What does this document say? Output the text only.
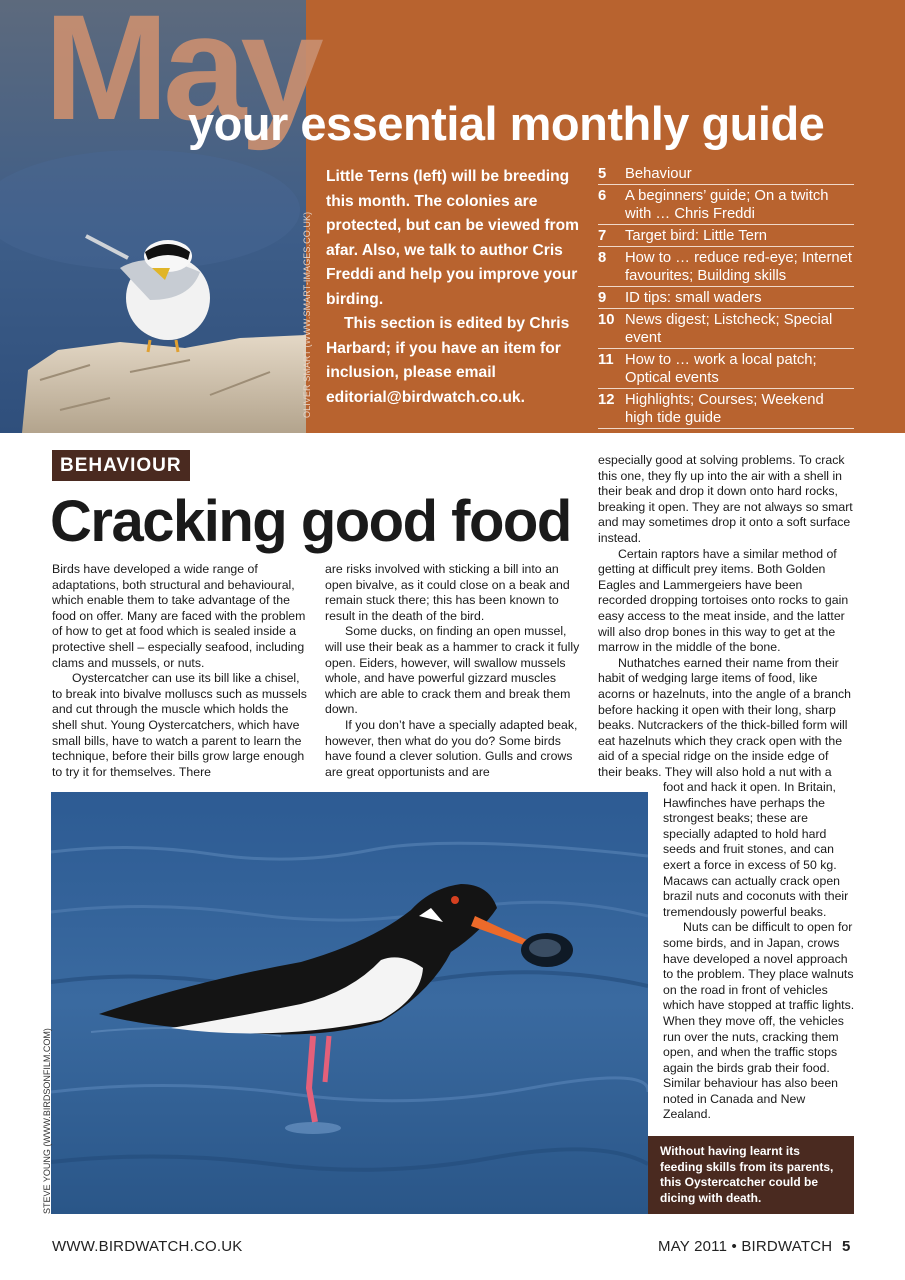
May
your essential monthly guide
OLIVER SMART (WWW.SMART-IMAGES.CO.UK)

Little Terns (left) will be breeding this month. The colonies are protected, but can be viewed from afar. Also, we talk to author Cris Freddi and help you improve your birding.

This section is edited by Chris Harbard; if you have an item for inclusion, please email editorial@birdwatch.co.uk.

5	Behaviour
6	A beginners’ guide; On a twitch with … Chris Freddi
7	Target bird: Little Tern
8	How to … reduce red-eye; Internet favourites; Building skills
9	ID tips: small waders
10 News digest; Listcheck; Special event
11 How to … work a local patch; Optical events
12 Highlights; Courses; Weekend high tide guide
BEHAVIOUR
Cracking good food

Birds have developed a wide range of adaptations, both structural and behavioural, which enable them to take advantage of the food on offer. Many are faced with the problem of how to get at food which is sealed inside a protective shell – especially seafood, including clams and mussels, or nuts.

Oystercatcher can use its bill like a chisel, to break into bivalve molluscs such as mussels and cut through the muscle which holds the shell shut. Young Oystercatchers, which have small bills, have to watch a parent to learn the technique, before their bills grow large enough to try it for themselves. There

are risks involved with sticking a bill into an open bivalve, as it could close on a beak and remain stuck there; this has been known to result in the death of the bird.

Some ducks, on finding an open mussel, will use their beak as a hammer to crack it fully open. Eiders, however, will swallow mussels whole, and have powerful gizzard muscles which are able to crack them and break them down.

If you don’t have a specially adapted beak, however, then what do you do? Some birds have found a clever solution. Gulls and crows are great opportunists and are

especially good at solving problems. To crack this one, they fly up into the air with a shell in their beak and drop it down onto hard rocks, breaking it open. They are not always so smart and may sometimes drop it onto a soft surface instead.

Certain raptors have a similar method of getting at difficult prey items. Both Golden Eagles and Lammergeiers have been recorded dropping tortoises onto rocks to gain easy access to the meat inside, and the latter will also drop bones in this way to get at the marrow in the middle of the bone.

Nuthatches earned their name from their habit of wedging large items of food, like acorns or hazelnuts, into the angle of a branch before hacking it open with their long, sharp beaks. Nutcrackers of the thick-billed form will eat hazelnuts which they crack open with the aid of a special ridge on the inside edge of their beaks. They will also hold a nut with a

foot and hack it open. In Britain, Hawfinches have perhaps the strongest beaks; these are specially adapted to hold hard seeds and fruit stones, and can exert a force in excess of 50 kg. Macaws can actually crack open brazil nuts and coconuts with their tremendously powerful beaks.

Nuts can be difficult to open for some birds, and in Japan, crows have developed a novel approach to the problem. They place walnuts on the road in front of vehicles which have stopped at traffic lights. When they move off, the vehicles run over the nuts, cracking them open, and when the traffic stops again the birds grab their food. Similar behaviour has also been noted in Canada and New Zealand.

STEVE YOUNG (WWW.BIRDSONFILM.COM)	Without having learnt its feeding skills from its parents, this Oystercatcher could be dicing with death.
WWW.BIRDWATCH.CO.UK	MAY 2011 • BIRDWATCH 5
